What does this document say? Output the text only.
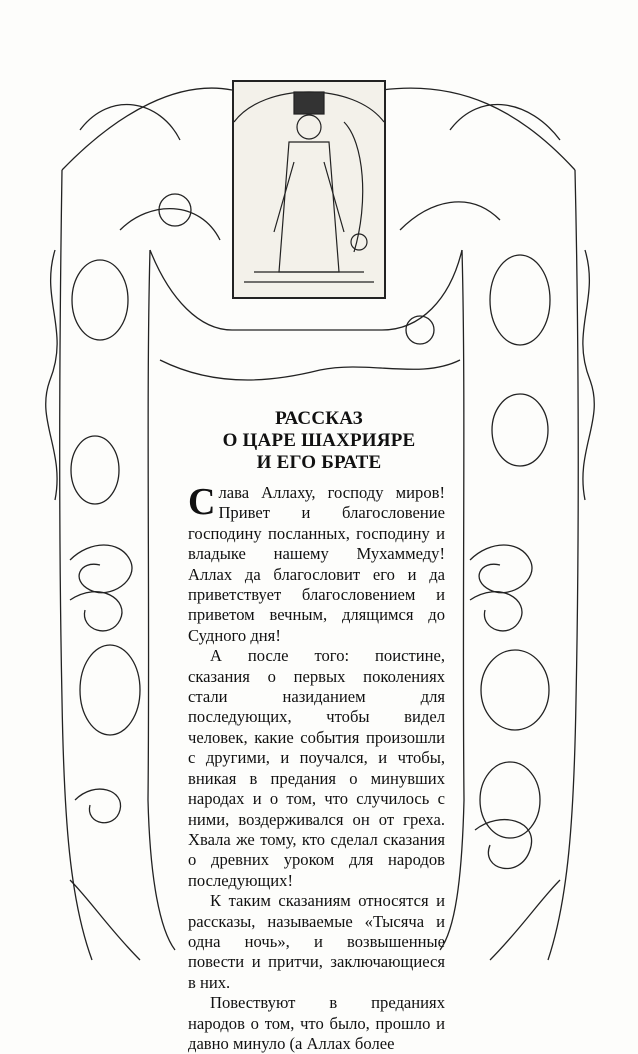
РАССКАЗ
О ЦАРЕ ШАХРИЯРЕ
И ЕГО БРАТЕ

Слава Аллаху, господу миров! Привет и благословение господину посланных, господину и владыке нашему Мухаммеду! Аллах да благословит его и да приветствует благословением и приветом вечным, длящимся до Судного дня!

А после того: поистине, сказания о первых поколениях стали назиданием для последующих, чтобы видел человек, какие события произошли с другими, и поучался, и чтобы, вникая в предания о минувших народах и о том, что случилось с ними, воздерживался он от греха. Хвала же тому, кто сделал сказания о древних уроком для народов последующих!

К таким сказаниям относятся и рассказы, называемые «Тысяча и одна ночь», и возвышенные повести и притчи, заключающиеся в них.

Повествуют в преданиях народов о том, что было, прошло и давно минуло (а Аллах более
